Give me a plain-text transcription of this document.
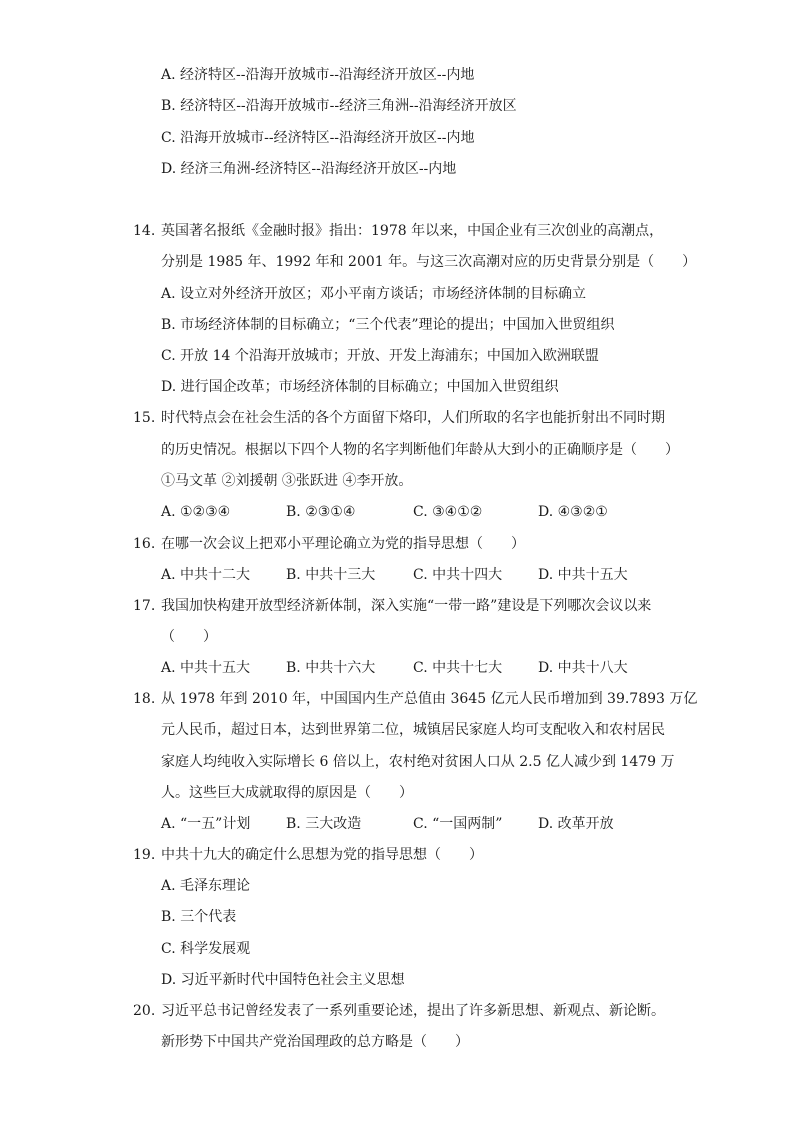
A. 经济特区--沿海开放城市--沿海经济开放区--内地
B. 经济特区--沿海开放城市--经济三角洲--沿海经济开放区
C. 沿海开放城市--经济特区--沿海经济开放区--内地
D. 经济三角洲-经济特区--沿海经济开放区--内地
14. 英国著名报纸《金融时报》指出：1978 年以来，中国企业有三次创业的高潮点，
分别是 1985 年、1992 年和 2001 年。与这三次高潮对应的历史背景分别是（　　）
A. 设立对外经济开放区；邓小平南方谈话；市场经济体制的目标确立
B. 市场经济体制的目标确立；“三个代表”理论的提出；中国加入世贸组织
C. 开放 14 个沿海开放城市；开放、开发上海浦东；中国加入欧洲联盟
D. 进行国企改革；市场经济体制的目标确立；中国加入世贸组织
15. 时代特点会在社会生活的各个方面留下烙印，人们所取的名字也能折射出不同时期
的历史情况。根据以下四个人物的名字判断他们年龄从大到小的正确顺序是（　　）
①马文革 ②刘援朝 ③张跃进 ④李开放。
A. ①②③④	B. ②③①④	C. ③④①②	D. ④③②①
16. 在哪一次会议上把邓小平理论确立为党的指导思想（　　）
A. 中共十二大	B. 中共十三大	C. 中共十四大	D. 中共十五大
17. 我国加快构建开放型经济新体制，深入实施“一带一路”建设是下列哪次会议以来
（　　）
A. 中共十五大	B. 中共十六大	C. 中共十七大	D. 中共十八大
18. 从 1978 年到 2010 年，中国国内生产总值由 3645 亿元人民币增加到 39.7893 万亿
元人民币，超过日本，达到世界第二位，城镇居民家庭人均可支配收入和农村居民
家庭人均纯收入实际增长 6 倍以上，农村绝对贫困人口从 2.5 亿人减少到 1479 万
人。这些巨大成就取得的原因是（　　）
A. “一五”计划	B. 三大改造	C. “一国两制”	D. 改革开放
19. 中共十九大的确定什么思想为党的指导思想（　　）
A. 毛泽东理论
B. 三个代表
C. 科学发展观
D. 习近平新时代中国特色社会主义思想
20. 习近平总书记曾经发表了一系列重要论述，提出了许多新思想、新观点、新论断。
新形势下中国共产党治国理政的总方略是（　　）
